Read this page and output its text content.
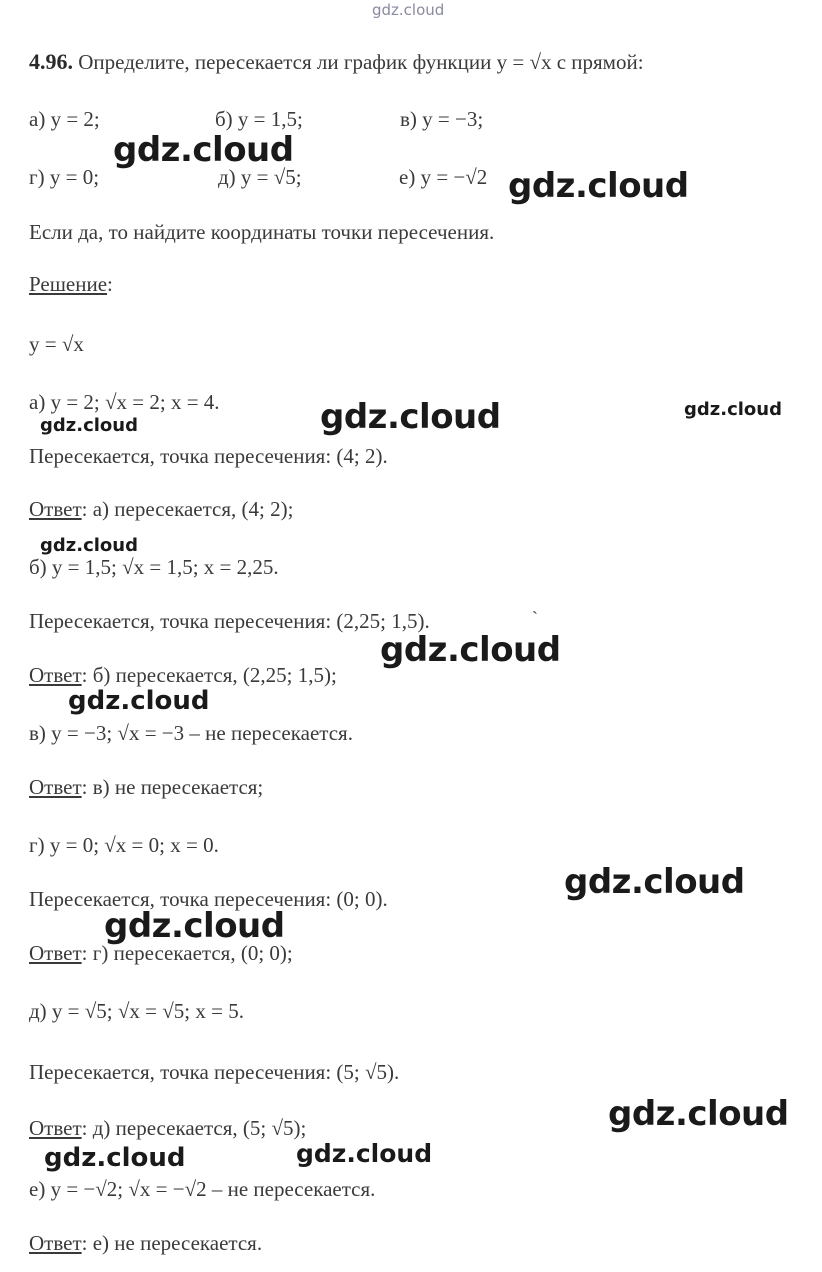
gdz.cloud
4.96. Определите, пересекается ли график функции y = √x с прямой:
а) y = 2;	б) y = 1,5;	в) y = −3;
г) y = 0;	д) y = √5;	е) y = −√2
Если да, то найдите координаты точки пересечения.
Решение:
y = √x
а) y = 2; √x = 2; x = 4.
Пересекается, точка пересечения: (4; 2).
Ответ: а) пересекается, (4; 2);
б) y = 1,5; √x = 1,5; x = 2,25.
Пересекается, точка пересечения: (2,25; 1,5).	ˋ
Ответ: б) пересекается, (2,25; 1,5);
в) y = −3; √x = −3 – не пересекается.
Ответ: в) не пересекается;
г) y = 0; √x = 0; x = 0.
Пересекается, точка пересечения: (0; 0).
Ответ: г) пересекается, (0; 0);
д) y = √5; √x = √5; x = 5.
Пересекается, точка пересечения: (5; √5).
Ответ: д) пересекается, (5; √5);
е) y = −√2; √x = −√2 – не пересекается.
Ответ: е) не пересекается.
gdz.cloud
gdz.cloud
gdz.cloud	gdz.cloud
gdz.cloud
gdz.cloud
gdz.cloud
gdz.cloud
gdz.cloud
gdz.cloud
gdz.cloud
gdz.cloud	gdz.cloud
